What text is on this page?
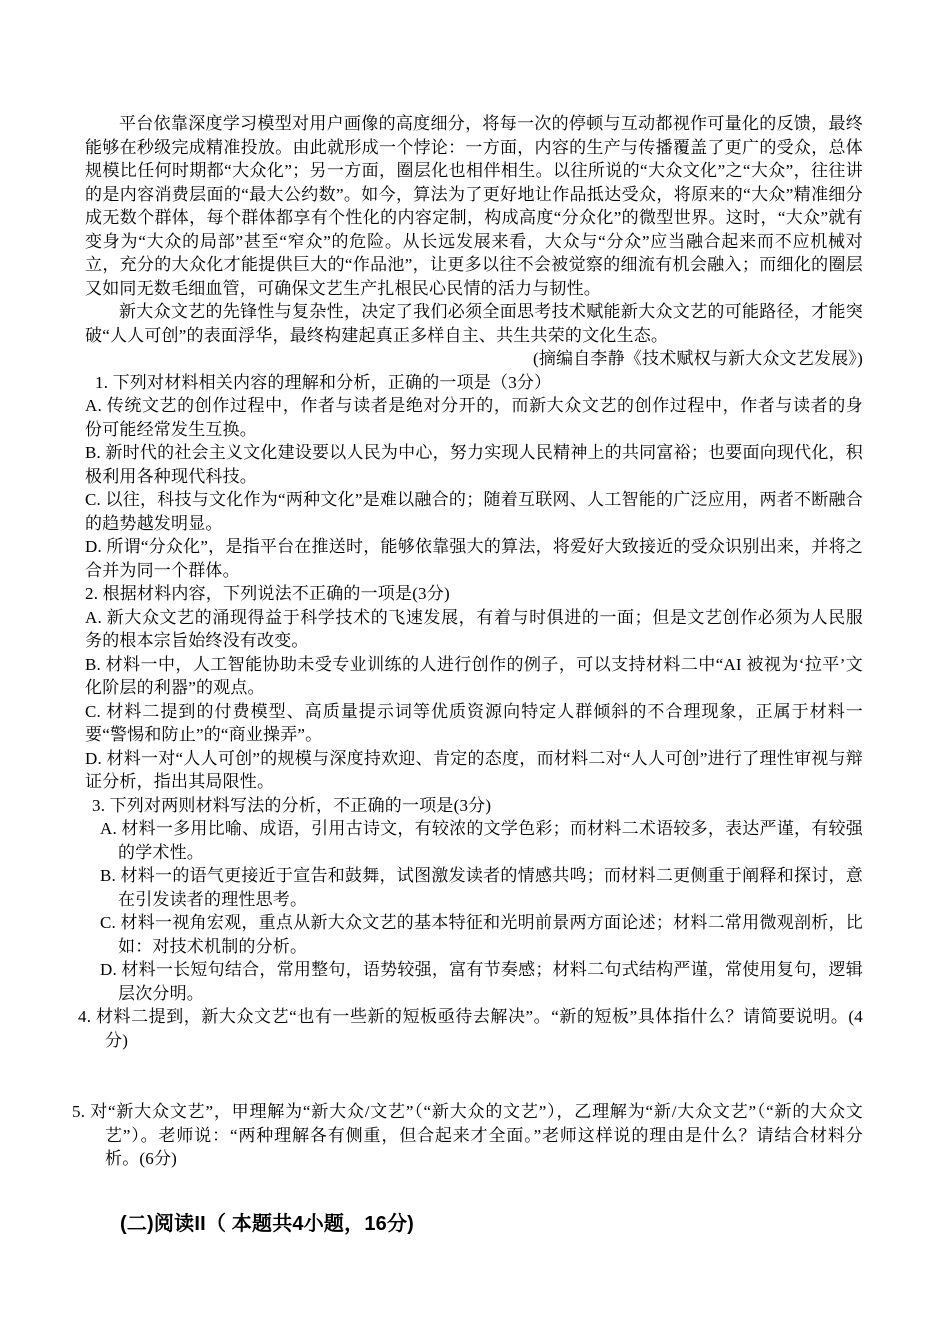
平台依靠深度学习模型对用户画像的高度细分，将每一次的停顿与互动都视作可量化的反馈，最终能够在秒级完成精准投放。由此就形成一个悖论：一方面，内容的生产与传播覆盖了更广的受众，总体规模比任何时期都“大众化”；另一方面，圈层化也相伴相生。以往所说的“大众文化”之“大众”，往往讲的是内容消费层面的“最大公约数”。如今，算法为了更好地让作品抵达受众，将原来的“大众”精准细分成无数个群体，每个群体都享有个性化的内容定制，构成高度“分众化”的微型世界。这时，“大众”就有变身为“大众的局部”甚至“窄众”的危险。从长远发展来看，大众与“分众”应当融合起来而不应机械对立，充分的大众化才能提供巨大的“作品池”，让更多以往不会被觉察的细流有机会融入；而细化的圈层又如同无数毛细血管，可确保文艺生产扎根民心民情的活力与韧性。

新大众文艺的先锋性与复杂性，决定了我们必须全面思考技术赋能新大众文艺的可能路径，才能突破“人人可创”的表面浮华，最终构建起真正多样自主、共生共荣的文化生态。

(摘编自李静《技术赋权与新大众文艺发展》)

1. 下列对材料相关内容的理解和分析，正确的一项是（3分）

A. 传统文艺的创作过程中，作者与读者是绝对分开的，而新大众文艺的创作过程中，作者与读者的身份可能经常发生互换。

B. 新时代的社会主义文化建设要以人民为中心，努力实现人民精神上的共同富裕；也要面向现代化，积极利用各种现代科技。

C. 以往，科技与文化作为“两种文化”是难以融合的；随着互联网、人工智能的广泛应用，两者不断融合的趋势越发明显。

D. 所谓“分众化”，是指平台在推送时，能够依靠强大的算法，将爱好大致接近的受众识别出来，并将之合并为同一个群体。

2. 根据材料内容，下列说法不正确的一项是(3分)

A. 新大众文艺的涌现得益于科学技术的飞速发展，有着与时俱进的一面；但是文艺创作必须为人民服务的根本宗旨始终没有改变。

B. 材料一中，人工智能协助未受专业训练的人进行创作的例子，可以支持材料二中“AI 被视为‘拉平’文化阶层的利器”的观点。

C. 材料二提到的付费模型、高质量提示词等优质资源向特定人群倾斜的不合理现象，正属于材料一要“警惕和防止”的“商业操弄”。

D. 材料一对“人人可创”的规模与深度持欢迎、肯定的态度，而材料二对“人人可创”进行了理性审视与辩证分析，指出其局限性。

3. 下列对两则材料写法的分析，不正确的一项是(3分)

A. 材料一多用比喻、成语，引用古诗文，有较浓的文学色彩；而材料二术语较多，表达严谨，有较强的学术性。

B. 材料一的语气更接近于宣告和鼓舞，试图激发读者的情感共鸣；而材料二更侧重于阐释和探讨，意在引发读者的理性思考。

C. 材料一视角宏观，重点从新大众文艺的基本特征和光明前景两方面论述；材料二常用微观剖析，比如：对技术机制的分析。

D. 材料一长短句结合，常用整句，语势较强，富有节奏感；材料二句式结构严谨，常使用复句，逻辑层次分明。

4. 材料二提到，新大众文艺“也有一些新的短板亟待去解决”。“新的短板”具体指什么？请简要说明。(4分)

5. 对“新大众文艺”，甲理解为“新大众/文艺”（“新大众的文艺”），乙理解为“新/大众文艺”（“新的大众文艺”）。老师说：“两种理解各有侧重，但合起来才全面。”老师这样说的理由是什么？请结合材料分析。(6分)

(二)阅读II（ 本题共4小题，16分)
